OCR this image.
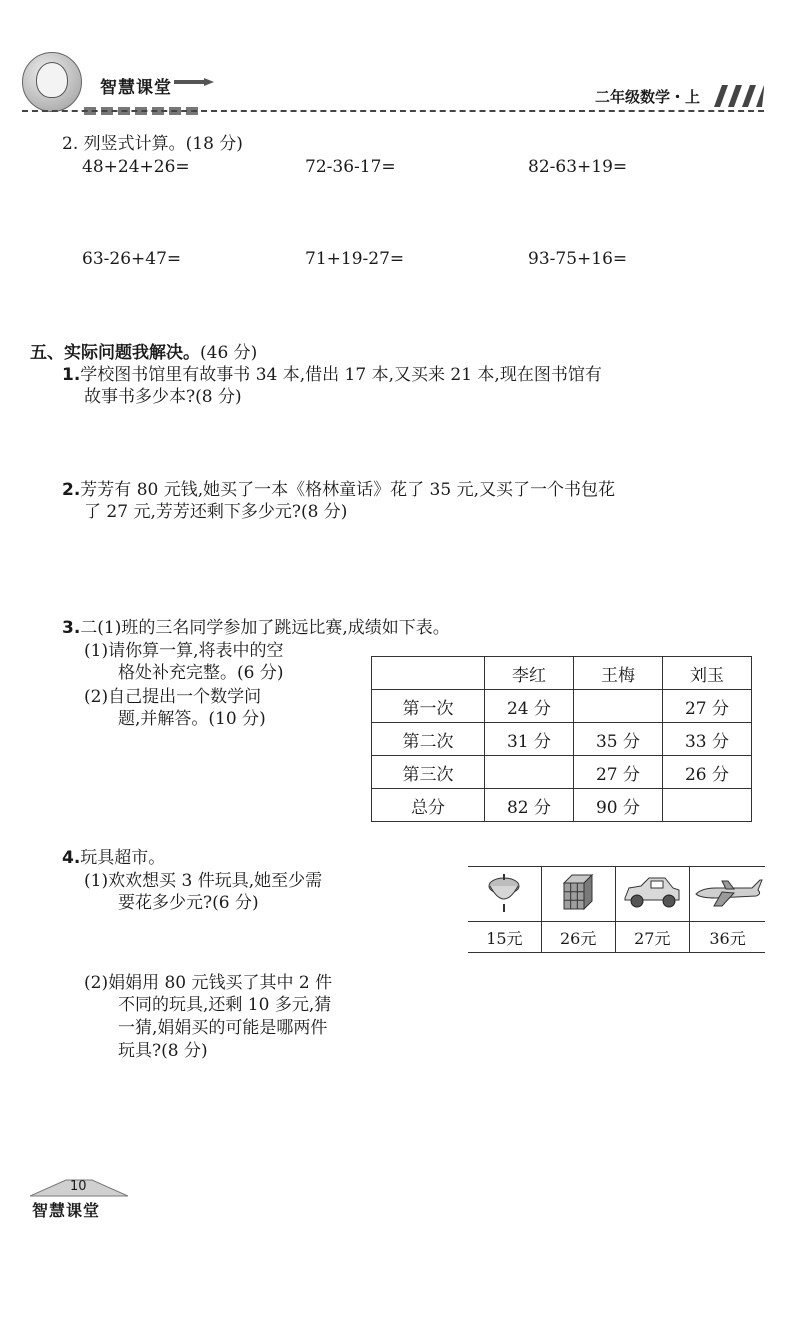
智慧课堂	二年级数学・上
2. 列竖式计算。(18 分)
48+24+26=	72-36-17=	82-63+19=
63-26+47=	71+19-27=	93-75+16=
五、实际问题我解决。(46 分)
1.学校图书馆里有故事书 34 本,借出 17 本,又买来 21 本,现在图书馆有
故事书多少本?(8 分)
2.芳芳有 80 元钱,她买了一本《格林童话》花了 35 元,又买了一个书包花
了 27 元,芳芳还剩下多少元?(8 分)
3.二(1)班的三名同学参加了跳远比赛,成绩如下表。
(1)请你算一算,将表中的空
格处补充完整。(6 分)
(2)自己提出一个数学问
题,并解答。(10 分)
	李红	王梅	刘玉
第一次	24 分		27 分
第二次	31 分	35 分	33 分
第三次		27 分	26 分
总分	82 分	90 分	
4.玩具超市。
(1)欢欢想买 3 件玩具,她至少需
要花多少元?(6 分)

15元	26元	27元	36元
(2)娟娟用 80 元钱买了其中 2 件
不同的玩具,还剩 10 多元,猜
一猜,娟娟买的可能是哪两件
玩具?(8 分)
10
智慧课堂
